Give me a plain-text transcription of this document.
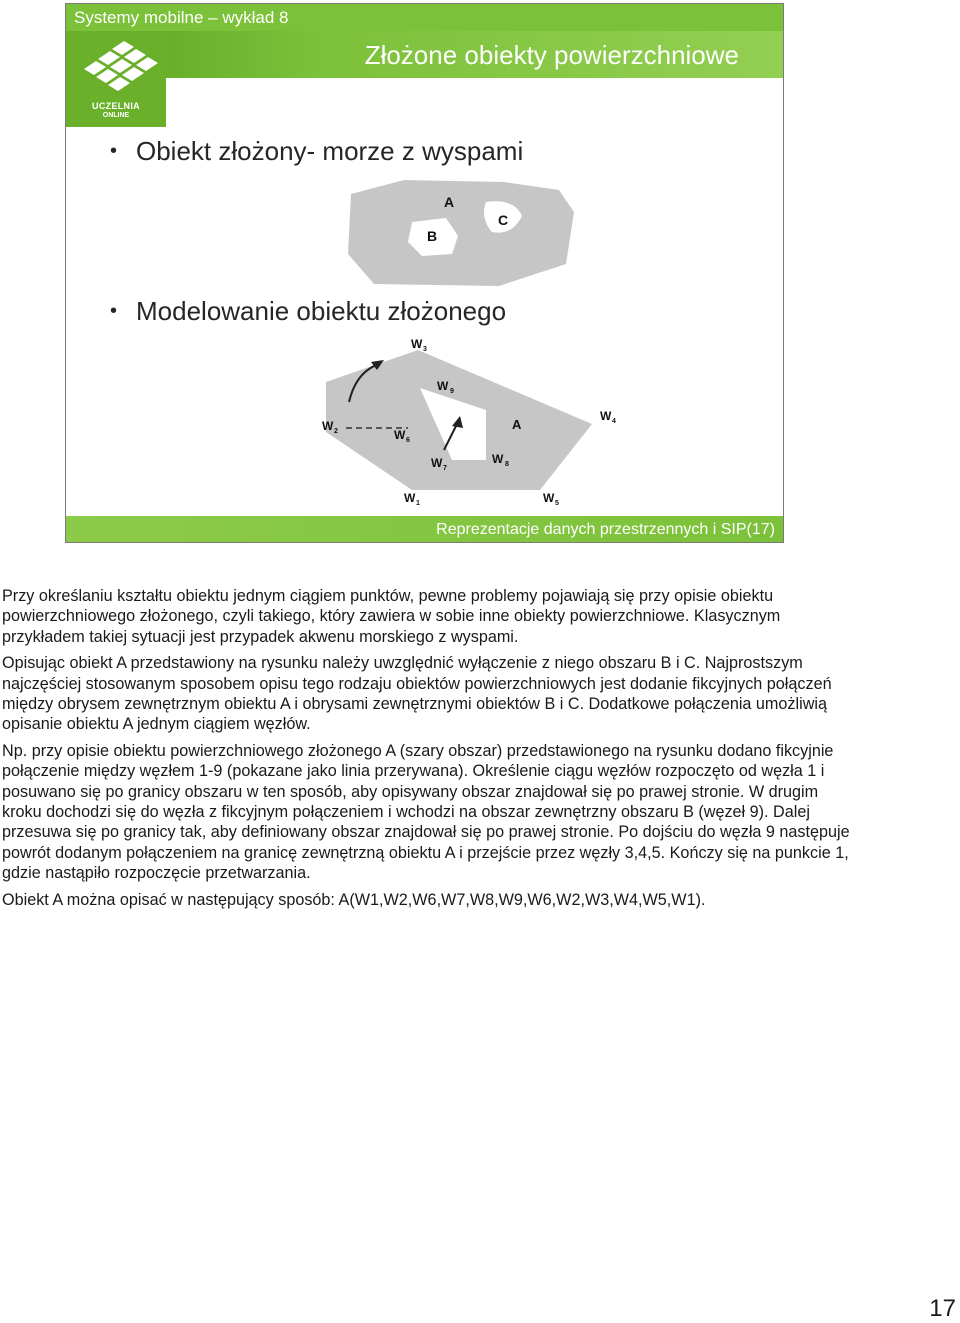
Systemy mobilne – wykład 8
Złożone obiekty powierzchniowe
UCZELNIA
ONLINE
• Obiekt złożony- morze z wyspami
• Modelowanie obiektu złożonego
A
B
C
W 3
W 9
W 2	W 6
W 4
A
W 7
W 8
W 1	W 5
Reprezentacje danych przestrzennych i SIP(17)

Przy określaniu kształtu obiektu jednym ciągiem punktów, pewne problemy pojawiają się przy opisie obiektu powierzchniowego złożonego, czyli takiego, który zawiera w sobie inne obiekty powierzchniowe. Klasycznym przykładem takiej sytuacji jest przypadek akwenu morskiego z wyspami.

Opisując obiekt A przedstawiony na rysunku należy uwzględnić wyłączenie z niego obszaru B i C. Najprostszym najczęściej stosowanym sposobem opisu tego rodzaju obiektów powierzchniowych jest dodanie fikcyjnych połączeń między obrysem zewnętrznym obiektu A i obrysami zewnętrznymi obiektów B i C. Dodatkowe połączenia umożliwią opisanie obiektu A jednym ciągiem węzłów.

Np. przy opisie obiektu powierzchniowego złożonego A (szary obszar) przedstawionego na rysunku dodano fikcyjnie połączenie między węzłem 1-9 (pokazane jako linia przerywana). Określenie ciągu węzłów rozpoczęto od węzła 1 i posuwano się po granicy obszaru w ten sposób, aby opisywany obszar znajdował się po prawej stronie. W drugim kroku dochodzi się do węzła z fikcyjnym połączeniem i wchodzi na obszar zewnętrzny obszaru B (węzeł 9). Dalej przesuwa się po granicy tak, aby definiowany obszar znajdował się po prawej stronie. Po dojściu do węzła 9 następuje powrót dodanym połączeniem na granicę zewnętrzną obiektu A i przejście przez węzły 3,4,5. Kończy się na punkcie 1, gdzie nastąpiło rozpoczęcie przetwarzania.

Obiekt A można opisać w następujący sposób: A(W1,W2,W6,W7,W8,W9,W6,W2,W3,W4,W5,W1).

17
